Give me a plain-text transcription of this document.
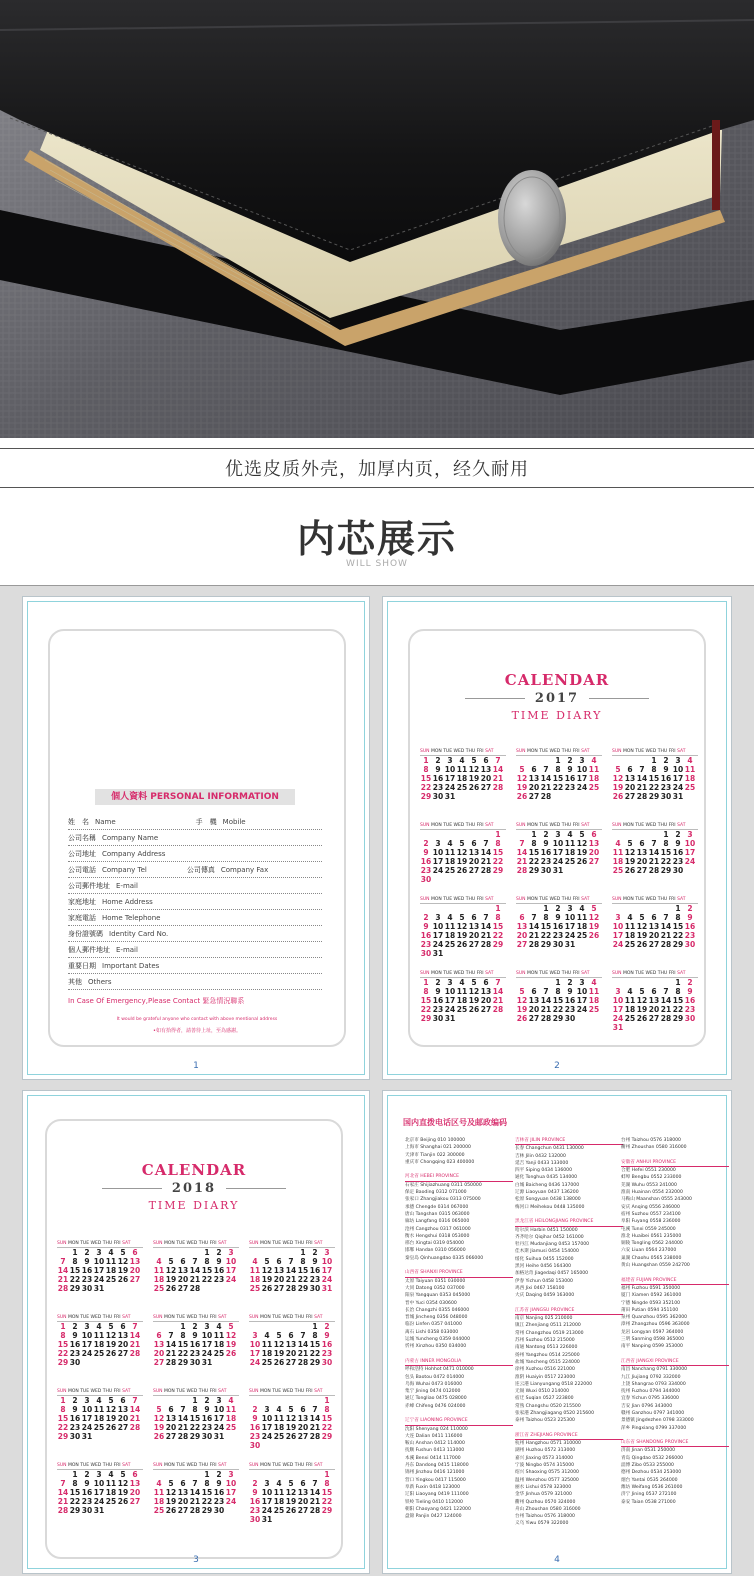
优选皮质外壳，加厚内页，经久耐用
内芯展示
WILL SHOW
個人資料 PERSONAL INFORMATION
姓　名 Name	手　機 Mobile
公司名稱 Company Name
公司地址 Company Address
公司電話 Company Tel	公司傳真 Company Fax
公司郵件地址 E-mail
家庭地址 Home Address
家庭電話 Home Telephone
身份證號碼 Identity Card No.
個人郵件地址 E-mail
重要日期 Important Dates
其他 Others
In Case Of Emergency,Please Contact 緊急情況聯系
It would be grateful anyone who contact with above mentional address
•如有拾得者，請善待上址，至為感謝。
1
CALENDAR
2017
TIME DIARY
SUN MON TUE WED THU FRI SAT
1 2 3 4 5 6 7
8 9 10 11 12 13 14
15 16 17 18 19 20 21
22 23 24 25 26 27 28
29 30 31
SUN MON TUE WED THU FRI SAT
1 2 3 4
5 6 7 8 9 10 11
12 13 14 15 16 17 18
19 20 21 22 23 24 25
26 27 28
SUN MON TUE WED THU FRI SAT
1 2 3 4
5 6 7 8 9 10 11
12 13 14 15 16 17 18
19 20 21 22 23 24 25
26 27 28 29 30 31
SUN MON TUE WED THU FRI SAT
1
2 3 4 5 6 7 8
9 10 11 12 13 14 15
16 17 18 19 20 21 22
23 24 25 26 27 28 29
30
SUN MON TUE WED THU FRI SAT
1 2 3 4 5 6
7 8 9 10 11 12 13
14 15 16 17 18 19 20
21 22 23 24 25 26 27
28 29 30 31
SUN MON TUE WED THU FRI SAT
1 2 3
4 5 6 7 8 9 10
11 12 13 14 15 16 17
18 19 20 21 22 23 24
25 26 27 28 29 30
SUN MON TUE WED THU FRI SAT
1
2 3 4 5 6 7 8
9 10 11 12 13 14 15
16 17 18 19 20 21 22
23 24 25 26 27 28 29
30 31
SUN MON TUE WED THU FRI SAT
1 2 3 4 5
6 7 8 9 10 11 12
13 14 15 16 17 18 19
20 21 22 23 24 25 26
27 28 29 30 31
SUN MON TUE WED THU FRI SAT
1 2
3 4 5 6 7 8 9
10 11 12 13 14 15 16
17 18 19 20 21 22 23
24 25 26 27 28 29 30
SUN MON TUE WED THU FRI SAT
1 2 3 4 5 6 7
8 9 10 11 12 13 14
15 16 17 18 19 20 21
22 23 24 25 26 27 28
29 30 31
SUN MON TUE WED THU FRI SAT
1 2 3 4
5 6 7 8 9 10 11
12 13 14 15 16 17 18
19 20 21 22 23 24 25
26 27 28 29 30
SUN MON TUE WED THU FRI SAT
1 2
3 4 5 6 7 8 9
10 11 12 13 14 15 16
17 18 19 20 21 22 23
24 25 26 27 28 29 30
31
2
CALENDAR
2018
TIME DIARY
SUN MON TUE WED THU FRI SAT
1 2 3 4 5 6
7 8 9 10 11 12 13
14 15 16 17 18 19 20
21 22 23 24 25 26 27
28 29 30 31
SUN MON TUE WED THU FRI SAT
1 2 3
4 5 6 7 8 9 10
11 12 13 14 15 16 17
18 19 20 21 22 23 24
25 26 27 28
SUN MON TUE WED THU FRI SAT
1 2 3
4 5 6 7 8 9 10
11 12 13 14 15 16 17
18 19 20 21 22 23 24
25 26 27 28 29 30 31
SUN MON TUE WED THU FRI SAT
1 2 3 4 5 6 7
8 9 10 11 12 13 14
15 16 17 18 19 20 21
22 23 24 25 26 27 28
29 30
SUN MON TUE WED THU FRI SAT
1 2 3 4 5
6 7 8 9 10 11 12
13 14 15 16 17 18 19
20 21 22 23 24 25 26
27 28 29 30 31
SUN MON TUE WED THU FRI SAT
1 2
3 4 5 6 7 8 9
10 11 12 13 14 15 16
17 18 19 20 21 22 23
24 25 26 27 28 29 30
SUN MON TUE WED THU FRI SAT
1 2 3 4 5 6 7
8 9 10 11 12 13 14
15 16 17 18 19 20 21
22 23 24 25 26 27 28
29 30 31
SUN MON TUE WED THU FRI SAT
1 2 3 4
5 6 7 8 9 10 11
12 13 14 15 16 17 18
19 20 21 22 23 24 25
26 27 28 29 30 31
SUN MON TUE WED THU FRI SAT
1
2 3 4 5 6 7 8
9 10 11 12 13 14 15
16 17 18 19 20 21 22
23 24 25 26 27 28 29
30
SUN MON TUE WED THU FRI SAT
1 2 3 4 5 6
7 8 9 10 11 12 13
14 15 16 17 18 19 20
21 22 23 24 25 26 27
28 29 30 31
SUN MON TUE WED THU FRI SAT
1 2 3
4 5 6 7 8 9 10
11 12 13 14 15 16 17
18 19 20 21 22 23 24
25 26 27 28 29 30
SUN MON TUE WED THU FRI SAT
1
2 3 4 5 6 7 8
9 10 11 12 13 14 15
16 17 18 19 20 21 22
23 24 25 26 27 28 29
30 31
3
国内直拨电话区号及邮政编码
北京市 Beijing 010 100000
上海市 Shanghai 021 200000
天津市 Tianjin 022 300000
重庆市 Chongqing 023 400000

河北省 HEBEI PROVINCE
石家庄 Shijiazhuang 0311 050000
保定 Baoding 0312 071000
张家口 Zhangjiakou 0313 075000
承德 Chengde 0314 067000
唐山 Tangshan 0315 063000
廊坊 Langfang 0316 065000
沧州 Cangzhou 0317 061000
衡水 Hengshui 0318 053000
邢台 Xingtai 0319 054000
邯郸 Handan 0310 056000
秦皇岛 Qinhuangdao 0335 066000

山西省 SHANXI PROVINCE
太原 Taiyuan 0351 030000
大同 Datong 0352 037000
阳泉 Yangquan 0353 045000
晋中 Yuci 0354 030600
长治 Changzhi 0355 046000
晋城 Jincheng 0356 048000
临汾 Linfen 0357 041000
离石 Lishi 0358 033000
运城 Yuncheng 0359 044000
忻州 Xinzhou 0350 034000

内蒙古 INNER MONGOLIA
呼和浩特 Hohhot 0471 010000
包头 Baotou 0472 014000
乌海 Wuhai 0473 016000
集宁 Jining 0474 012000
通辽 Tongliao 0475 028000
赤峰 Chifeng 0476 024000

辽宁省 LIAONING PROVINCE
沈阳 Shenyang 024 110000
大连 Dalian 0411 116000
鞍山 Anshan 0412 114000
抚顺 Fushun 0413 113000
本溪 Benxi 0414 117000
丹东 Dandong 0415 118000
锦州 Jinzhou 0416 121000
营口 Yingkou 0417 115000
阜新 Fuxin 0418 123000
辽阳 Liaoyang 0419 111000
铁岭 Tieling 0410 112000
朝阳 Chaoyang 0421 122000
盘锦 Panjin 0427 124000
吉林省 JILIN PROVINCE
长春 Changchun 0431 130000
吉林 Jilin 0432 132000
延吉 Yanji 0433 133000
四平 Siping 0434 136000
通化 Tonghua 0435 134000
白城 Baicheng 0436 137000
辽源 Liaoyuan 0437 136200
松原 Songyuan 0438 138000
梅河口 Meihekou 0448 135000

黑龙江省 HEILONGJIANG PROVINCE
哈尔滨 Harbin 0451 150000
齐齐哈尔 Qiqihar 0452 161000
牡丹江 Mudanjiang 0453 157000
佳木斯 Jiamusi 0454 154000
绥化 Suihua 0455 152000
黑河 Heihe 0456 164300
加格达奇 Jiagedaqi 0457 165000
伊春 Yichun 0458 153000
鸡西 Jixi 0467 158100
大庆 Daqing 0459 163000

江苏省 JIANGSU PROVINCE
南京 Nanjing 025 210000
镇江 Zhenjiang 0511 212000
常州 Changzhou 0519 213000
苏州 Suzhou 0512 215000
南通 Nantong 0513 226000
扬州 Yangzhou 0514 225000
盐城 Yancheng 0515 224000
徐州 Xuzhou 0516 221000
淮阴 Huaiyin 0517 223000
连云港 Lianyungang 0518 222000
无锡 Wuxi 0510 214000
宿迁 Suqian 0527 223800
常熟 Changshu 0520 215500
张家港 Zhangjiagang 0520 215600
泰州 Taizhou 0523 225300

浙江省 ZHEJIANG PROVINCE
杭州 Hangzhou 0571 310000
湖州 Huzhou 0572 313000
嘉兴 Jiaxing 0573 314000
宁波 Ningbo 0574 315000
绍兴 Shaoxing 0575 312000
温州 Wenzhou 0577 325000
丽水 Lishui 0578 323000
金华 Jinhua 0579 321000
衢州 Quzhou 0570 324000
舟山 Zhoushan 0580 316000
台州 Taizhou 0576 318000
义乌 Yiwu 0579 322000
台州 Taizhou 0576 318000
衢州 Zhoushan 0580 316000

安徽省 ANHUI PROVINCE
合肥 Hefei 0551 230000
蚌埠 Bengbu 0552 233000
芜湖 Wuhu 0553 241000
淮南 Huainan 0554 232000
马鞍山 Maanshan 0555 243000
安庆 Anqing 0556 246000
宿州 Suzhou 0557 234100
阜阳 Fuyang 0558 236000
屯溪 Tunxi 0559 245000
淮北 Huaibei 0561 235000
铜陵 Tongling 0562 244000
六安 Liuan 0564 237000
巢湖 Chaohu 0565 238000
黄山 Huangshan 0559 242700

福建省 FUJIAN PROVINCE
福州 Fuzhou 0591 350000
厦门 Xiamen 0592 361000
宁德 Ningde 0593 352100
莆田 Putian 0594 351100
泉州 Quanzhou 0595 362000
漳州 Zhangzhou 0596 363000
龙岩 Longyan 0597 364000
三明 Sanming 0598 365000
南平 Nanping 0599 353000

江西省 JIANGXI PROVINCE
南昌 Nanchang 0791 330000
九江 Jiujiang 0792 332000
上饶 Shangrao 0793 334000
抚州 Fuzhou 0794 344000
宜春 Yichun 0795 336000
吉安 Jian 0796 343000
赣州 Ganzhou 0797 341000
景德镇 Jingdezhen 0798 333000
萍乡 Pingxiang 0799 337000

山东省 SHANDONG PROVINCE
济南 Jinan 0531 250000
青岛 Qingdao 0532 266000
淄博 Zibo 0533 255000
德州 Dezhou 0534 253000
烟台 Yantai 0535 264000
潍坊 Weifang 0536 261000
济宁 Jining 0537 272100
泰安 Taian 0538 271000
4
